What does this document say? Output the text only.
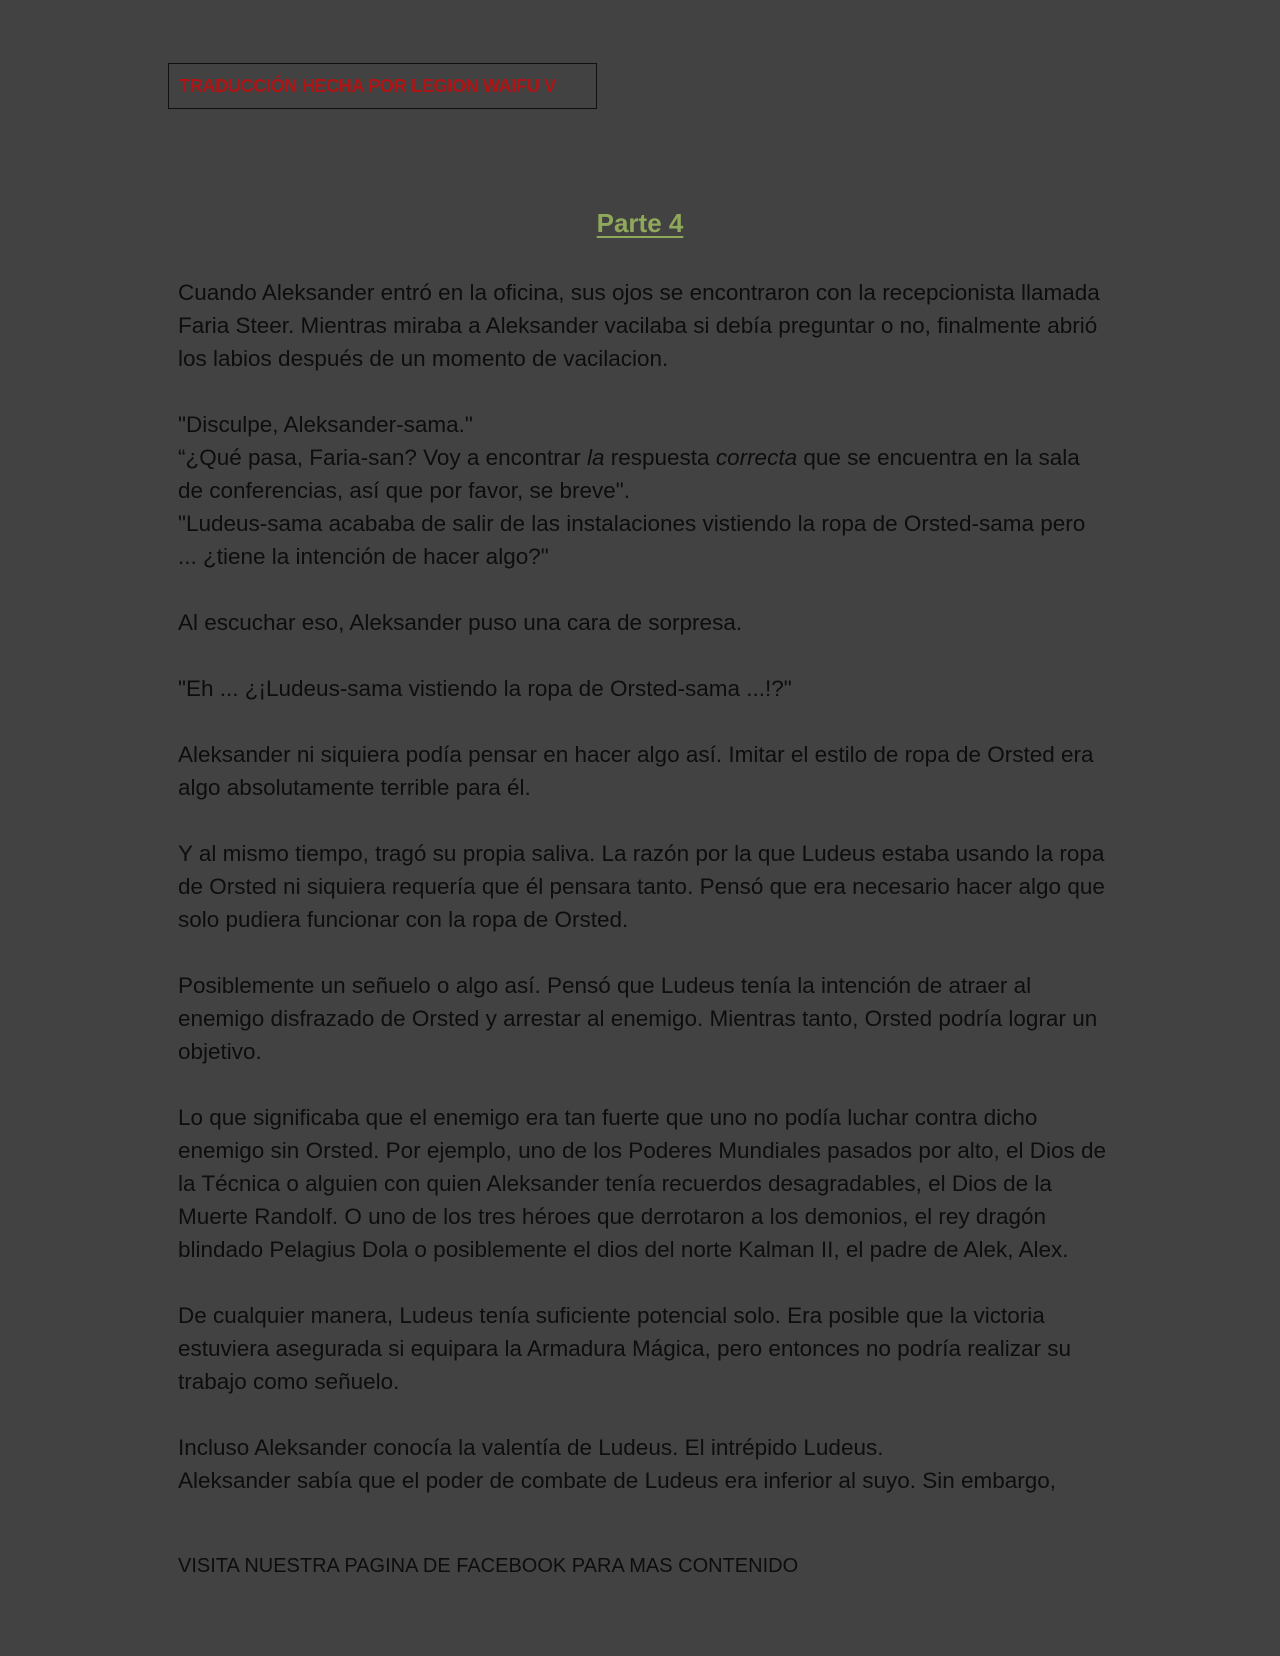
TRADUCCIÓN HECHA POR LEGION WAIFU V
Parte 4

Cuando Aleksander entró en la oficina, sus ojos se encontraron con la recepcionista llamada Faria Steer. Mientras miraba a Aleksander vacilaba si debía preguntar o no, finalmente abrió los labios después de un momento de vacilacion.

"Disculpe, Aleksander-sama."

“¿Qué pasa, Faria-san? Voy a encontrar la respuesta correcta que se encuentra en la sala de conferencias, así que por favor, se breve".

"Ludeus-sama acababa de salir de las instalaciones vistiendo la ropa de Orsted-sama pero ... ¿tiene la intención de hacer algo?"

Al escuchar eso, Aleksander puso una cara de sorpresa.

"Eh ... ¿¡Ludeus-sama vistiendo la ropa de Orsted-sama ...!?"

Aleksander ni siquiera podía pensar en hacer algo así. Imitar el estilo de ropa de Orsted era algo absolutamente terrible para él.

Y al mismo tiempo, tragó su propia saliva. La razón por la que Ludeus estaba usando la ropa de Orsted ni siquiera requería que él pensara tanto. Pensó que era necesario hacer algo que solo pudiera funcionar con la ropa de Orsted.

Posiblemente un señuelo o algo así. Pensó que Ludeus tenía la intención de atraer al enemigo disfrazado de Orsted y arrestar al enemigo. Mientras tanto, Orsted podría lograr un objetivo.

Lo que significaba que el enemigo era tan fuerte que uno no podía luchar contra dicho enemigo sin Orsted. Por ejemplo, uno de los Poderes Mundiales pasados por alto, el Dios de la Técnica o alguien con quien Aleksander tenía recuerdos desagradables, el Dios de la Muerte Randolf. O uno de los tres héroes que derrotaron a los demonios, el rey dragón blindado Pelagius Dola o posiblemente el dios del norte Kalman II, el padre de Alek, Alex.

De cualquier manera, Ludeus tenía suficiente potencial solo. Era posible que la victoria estuviera asegurada si equipara la Armadura Mágica, pero entonces no podría realizar su trabajo como señuelo.

Incluso Aleksander conocía la valentía de Ludeus. El intrépido Ludeus.

Aleksander sabía que el poder de combate de Ludeus era inferior al suyo. Sin embargo,

VISITA NUESTRA PAGINA DE FACEBOOK PARA MAS CONTENIDO
